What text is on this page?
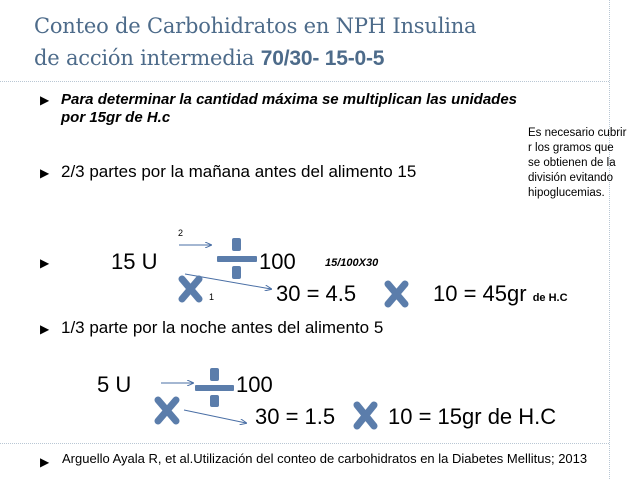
Conteo de Carbohidratos en NPH Insulina
de acción intermedia 70/30- 15-0-5
▶ Para determinar la cantidad máxima se multiplican las unidades
por 15gr de H.c
Es necesario cubrir r los gramos que se obtienen de la división evitando hipoglucemias.
▶ 2/3 partes por la mañana antes del alimento 15
▶	15 U
2
1
100	15/100X30
30 = 4.5	10 = 45gr de H.C
▶ 1/3 parte por la noche antes del alimento 5
5 U	100
30 = 1.5 10 = 15gr de H.C
▶ Arguello Ayala R, et al.Utilización del conteo de carbohidratos en la Diabetes Mellitus; 2013
